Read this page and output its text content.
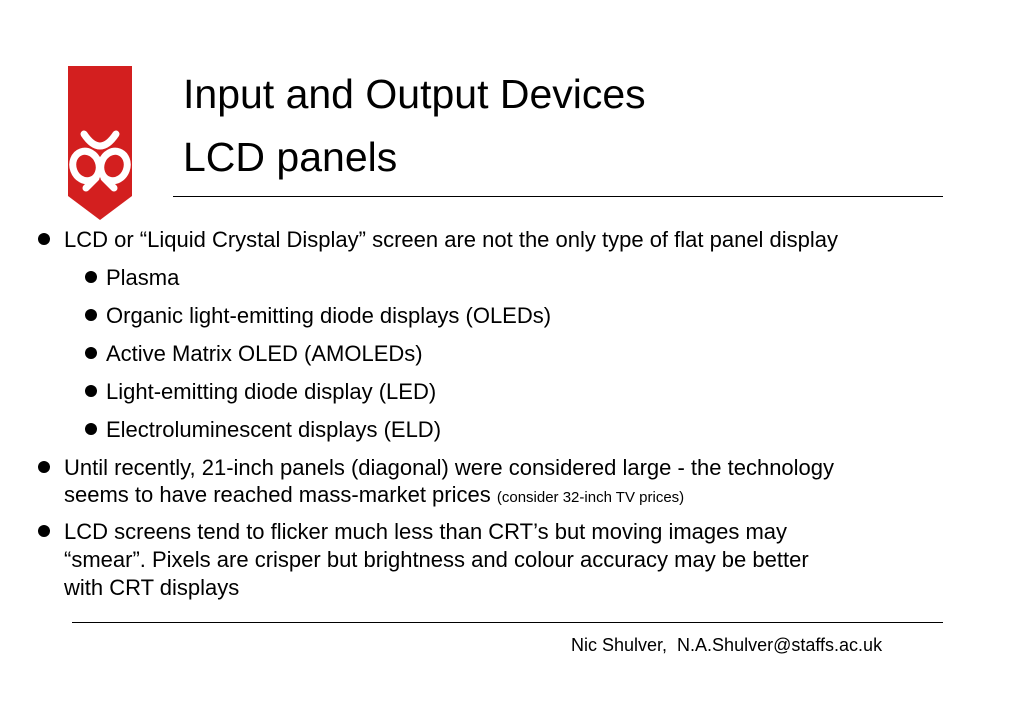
Input and Output Devices
LCD panels
LCD or “Liquid Crystal Display” screen are not the only type of flat panel display
Plasma
Organic light-emitting diode displays (OLEDs)
Active Matrix OLED (AMOLEDs)
Light-emitting diode display (LED)
Electroluminescent displays (ELD)
Until recently, 21-inch panels (diagonal) were considered large - the technology
seems to have reached mass-market prices (consider 32-inch TV prices)
LCD screens tend to flicker much less than CRT’s but moving images may
“smear”. Pixels are crisper but brightness and colour accuracy may be better
with CRT displays
Nic Shulver,  N.A.Shulver@staffs.ac.uk
